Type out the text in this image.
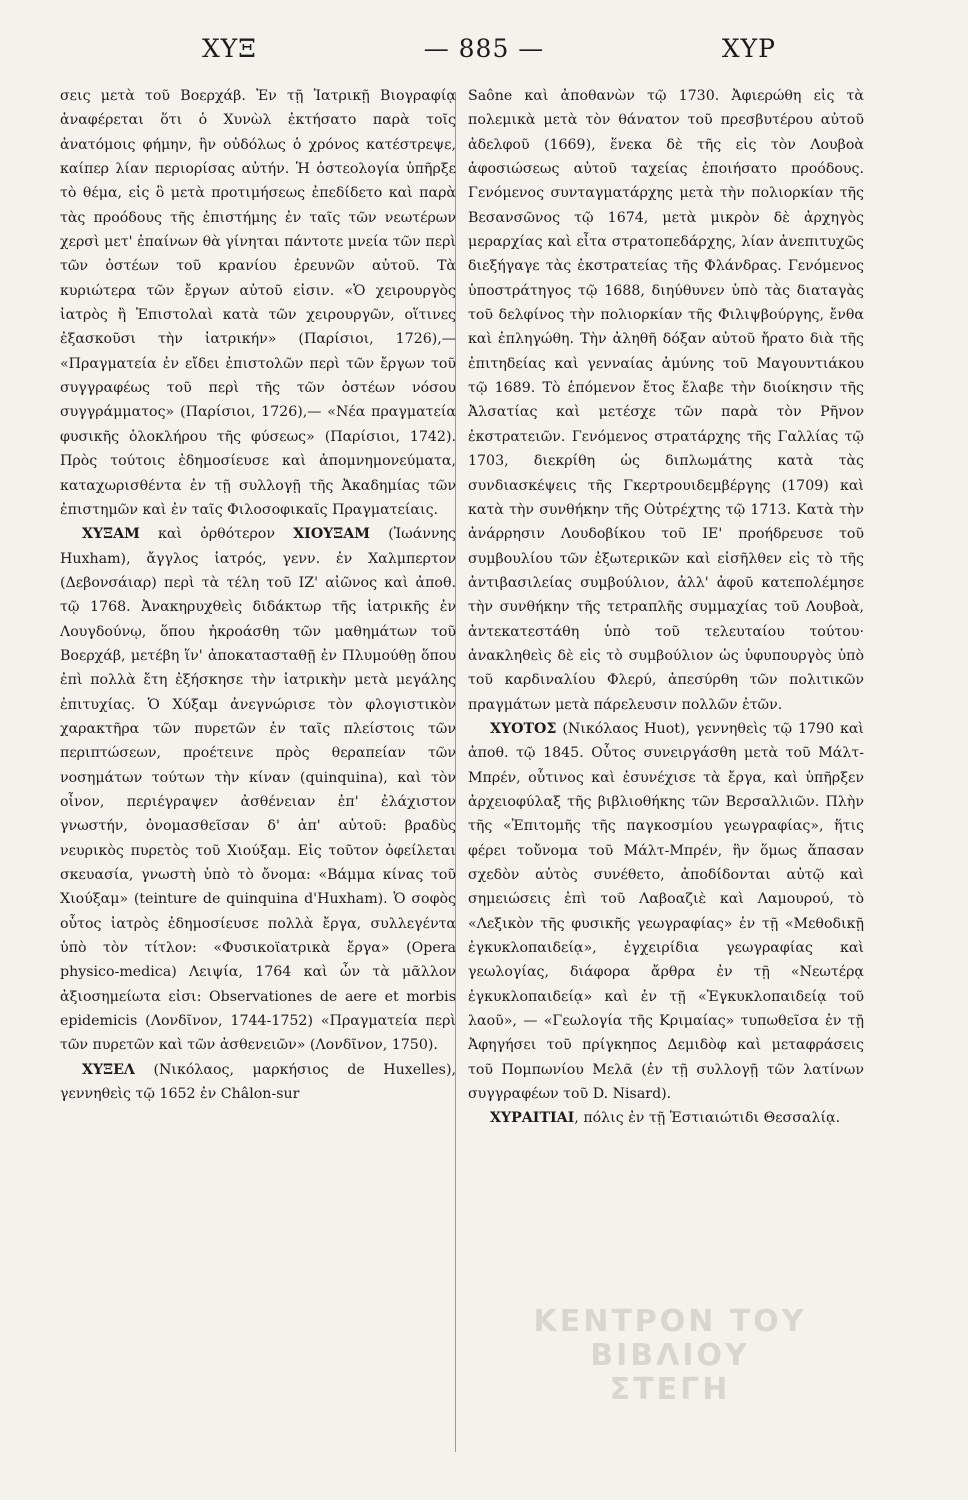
ΧΥΞ	— 885 —	ΧΥΡ

σεις μετὰ τοῦ Βοερχάβ. Ἐν τῇ Ἰατρικῇ Βιογραφίᾳ ἀναφέρεται ὅτι ὁ Χυνὼλ ἐκτήσατο παρὰ τοῖς ἀνατόμοις φήμην, ἣν οὐδόλως ὁ χρόνος κατέστρεψε, καίπερ λίαν περιορίσας αὐτήν. Ἡ ὀστεολογία ὑπῆρξε τὸ θέμα, εἰς ὃ μετὰ προτιμήσεως ἐπεδίδετο καὶ παρὰ τὰς προόδους τῆς ἐπιστήμης ἐν ταῖς τῶν νεωτέρων χερσὶ μετ' ἐπαίνων θὰ γίνηται πάντοτε μνεία τῶν περὶ τῶν ὀστέων τοῦ κρανίου ἐρευνῶν αὐτοῦ. Τὰ κυριώτερα τῶν ἔργων αὐτοῦ εἰσιν. «Ὁ χειρουργὸς ἰατρὸς ἢ Ἐπιστολαὶ κατὰ τῶν χειρουργῶν, οἵτινες ἐξασκοῦσι τὴν ἰατρικήν» (Παρίσιοι, 1726),— «Πραγματεία ἐν εἴδει ἐπιστολῶν περὶ τῶν ἔργων τοῦ συγγραφέως τοῦ περὶ τῆς τῶν ὀστέων νόσου συγγράμματος» (Παρίσιοι, 1726),— «Νέα πραγματεία φυσικῆς ὁλοκλήρου τῆς φύσεως» (Παρίσιοι, 1742). Πρὸς τούτοις ἐδημοσίευσε καὶ ἀπομνημονεύματα, καταχωρισθέντα ἐν τῇ συλλογῇ τῆς Ἀκαδημίας τῶν ἐπιστημῶν καὶ ἐν ταῖς Φιλοσοφικαῖς Πραγματείαις.

ΧΥΞΑΜ καὶ ὀρθότερον ΧΙΟΥΞΑΜ (Ἰωάννης Huxham), ἄγγλος ἰατρός, γενν. ἐν Χαλμπερτον (Δεβονσάιαρ) περὶ τὰ τέλη τοῦ ΙΖ' αἰῶνος καὶ ἀποθ. τῷ 1768. Ἀνακηρυχθεὶς διδάκτωρ τῆς ἰατρικῆς ἐν Λουγδούνῳ, ὅπου ἠκροάσθη τῶν μαθημάτων τοῦ Βοερχάβ, μετέβη ἵν' ἀποκατασταθῇ ἐν Πλυμούθῃ ὅπου ἐπὶ πολλὰ ἔτη ἐξήσκησε τὴν ἰατρικὴν μετὰ μεγάλης ἐπιτυχίας. Ὁ Χύξαμ ἀνεγνώρισε τὸν φλογιστικὸν χαρακτῆρα τῶν πυρετῶν ἐν ταῖς πλείστοις τῶν περιπτώσεων, προέτεινε πρὸς θεραπείαν τῶν νοσημάτων τούτων τὴν κίναν (quinquina), καὶ τὸν οἶνον, περιέγραψεν ἀσθένειαν ἐπ' ἐλάχιστον γνωστήν, ὀνομασθεῖσαν δ' ἀπ' αὐτοῦ: βραδὺς νευρικὸς πυρετὸς τοῦ Χιούξαμ. Εἰς τοῦτον ὀφείλεται σκευασία, γνωστὴ ὑπὸ τὸ ὄνομα: «Βάμμα κίνας τοῦ Χιούξαμ» (teinture de quinquina d'Huxham). Ὁ σοφὸς οὗτος ἰατρὸς ἐδημοσίευσε πολλὰ ἔργα, συλλεγέντα ὑπὸ τὸν τίτλον: «Φυσικοϊατρικὰ ἔργα» (Opera physico-medica) Λειψία, 1764 καὶ ὧν τὰ μᾶλλον ἀξιοσημείωτα εἰσι: Observationes de aere et morbis epidemicis (Λονδῖνον, 1744-1752) «Πραγματεία περὶ τῶν πυρετῶν καὶ τῶν ἀσθενειῶν» (Λονδῖνον, 1750).

ΧΥΞΕΛ (Νικόλαος, μαρκήσιος de Huxelles), γεννηθεὶς τῷ 1652 ἐν Châlon-sur

Saône καὶ ἀποθανὼν τῷ 1730. Ἀφιερώθη εἰς τὰ πολεμικὰ μετὰ τὸν θάνατον τοῦ πρεσβυτέρου αὐτοῦ ἀδελφοῦ (1669), ἕνεκα δὲ τῆς εἰς τὸν Λουβοὰ ἀφοσιώσεως αὐτοῦ ταχείας ἐποιήσατο προόδους. Γενόμενος συνταγματάρχης μετὰ τὴν πολιορκίαν τῆς Βεσανσῶνος τῷ 1674, μετὰ μικρὸν δὲ ἀρχηγὸς μεραρχίας καὶ εἶτα στρατοπεδάρχης, λίαν ἀνεπιτυχῶς διεξήγαγε τὰς ἐκστρατείας τῆς Φλάνδρας. Γενόμενος ὑποστράτηγος τῷ 1688, διηύθυνεν ὑπὸ τὰς διαταγὰς τοῦ δελφίνος τὴν πολιορκίαν τῆς Φιλιψβούργης, ἔνθα καὶ ἐπληγώθη. Τὴν ἀληθῆ δόξαν αὐτοῦ ἤρατο διὰ τῆς ἐπιτηδείας καὶ γενναίας ἀμύνης τοῦ Μαγουντιάκου τῷ 1689. Τὸ ἑπόμενον ἔτος ἔλαβε τὴν διοίκησιν τῆς Ἀλσατίας καὶ μετέσχε τῶν παρὰ τὸν Ρῆνον ἐκστρατειῶν. Γενόμενος στρατάρχης τῆς Γαλλίας τῷ 1703, διεκρίθη ὡς διπλωμάτης κατὰ τὰς συνδιασκέψεις τῆς Γκερτρουιδεμβέργης (1709) καὶ κατὰ τὴν συνθήκην τῆς Οὐτρέχτης τῷ 1713. Κατὰ τὴν ἀνάρρησιν Λουδοβίκου τοῦ ΙΕ' προήδρευσε τοῦ συμβουλίου τῶν ἐξωτερικῶν καὶ εἰσῆλθεν εἰς τὸ τῆς ἀντιβασιλείας συμβούλιον, ἀλλ' ἀφοῦ κατεπολέμησε τὴν συνθήκην τῆς τετραπλῆς συμμαχίας τοῦ Λουβοὰ, ἀντεκατεστάθη ὑπὸ τοῦ τελευταίου τούτου· ἀνακληθεὶς δὲ εἰς τὸ συμβούλιον ὡς ὑφυπουργὸς ὑπὸ τοῦ καρδιναλίου Φλερύ, ἀπεσύρθη τῶν πολιτικῶν πραγμάτων μετὰ πάρελευσιν πολλῶν ἐτῶν.

ΧΥΟΤΟΣ (Νικόλαος Huot), γεννηθεὶς τῷ 1790 καὶ ἀποθ. τῷ 1845. Οὗτος συνειργάσθη μετὰ τοῦ Μάλτ-Μπρέν, οὗτινος καὶ ἐσυνέχισε τὰ ἔργα, καὶ ὑπῆρξεν ἀρχειοφύλαξ τῆς βιβλιοθήκης τῶν Βερσαλλιῶν. Πλὴν τῆς «Ἐπιτομῆς τῆς παγκοσμίου γεωγραφίας», ἥτις φέρει τοὔνομα τοῦ Μάλτ-Μπρέν, ἣν ὅμως ἅπασαν σχεδὸν αὐτὸς συνέθετο, ἀποδίδονται αὐτῷ καὶ σημειώσεις ἐπὶ τοῦ Λαβοαζιὲ καὶ Λαμουρού, τὸ «Λεξικὸν τῆς φυσικῆς γεωγραφίας» ἐν τῇ «Μεθοδικῇ ἐγκυκλοπαιδείᾳ», ἐγχειρίδια γεωγραφίας καὶ γεωλογίας, διάφορα ἄρθρα ἐν τῇ «Νεωτέρᾳ ἐγκυκλοπαιδείᾳ» καὶ ἐν τῇ «Ἐγκυκλοπαιδείᾳ τοῦ λαοῦ», — «Γεωλογία τῆς Κριμαίας» τυπωθεῖσα ἐν τῇ Ἀφηγήσει τοῦ πρίγκηπος Δεμιδὸφ καὶ μεταφράσεις τοῦ Πομπωνίου Μελᾶ (ἐν τῇ συλλογῇ τῶν λατίνων συγγραφέων τοῦ D. Nisard).

ΧΥΡΑΙΤΙΑΙ, πόλις ἐν τῇ Ἑστιαιώτιδι Θεσσαλίᾳ.

ΚΕΝΤΡΟΝ ΤΟΥ ΒΙΒΛΙΟΥ
ΣΤΕΓΗ
